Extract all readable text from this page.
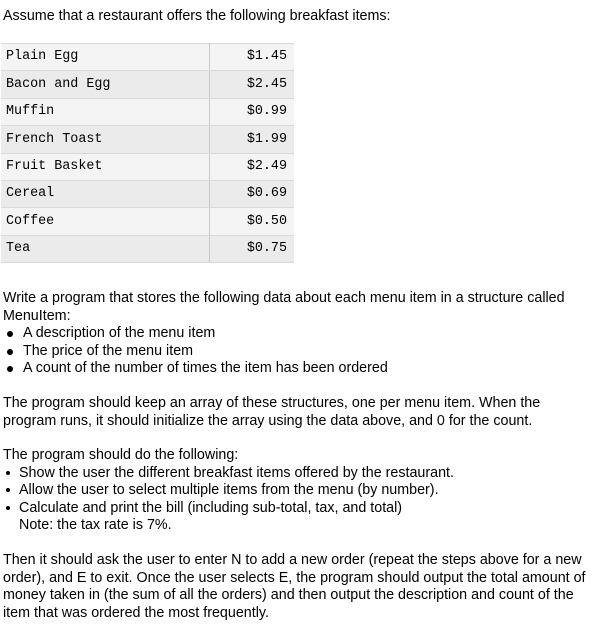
Assume that a restaurant offers the following breakfast items:

Plain Egg	$1.45
Bacon and Egg	$2.45
Muffin	$0.99
French Toast	$1.99
Fruit Basket	$2.49
Cereal	$0.69
Coffee	$0.50
Tea	$0.75

Write a program that stores the following data about each menu item in a structure called MenuItem:

A description of the menu item
The price of the menu item
A count of the number of times the item has been ordered

The program should keep an array of these structures, one per menu item. When the program runs, it should initialize the array using the data above, and 0 for the count.

The program should do the following:

Show the user the different breakfast items offered by the restaurant.
Allow the user to select multiple items from the menu (by number).
Calculate and print the bill (including sub-total, tax, and total)
Note: the tax rate is 7%.

Then it should ask the user to enter N to add a new order (repeat the steps above for a new order), and E to exit. Once the user selects E, the program should output the total amount of money taken in (the sum of all the orders) and then output the description and count of the item that was ordered the most frequently.
